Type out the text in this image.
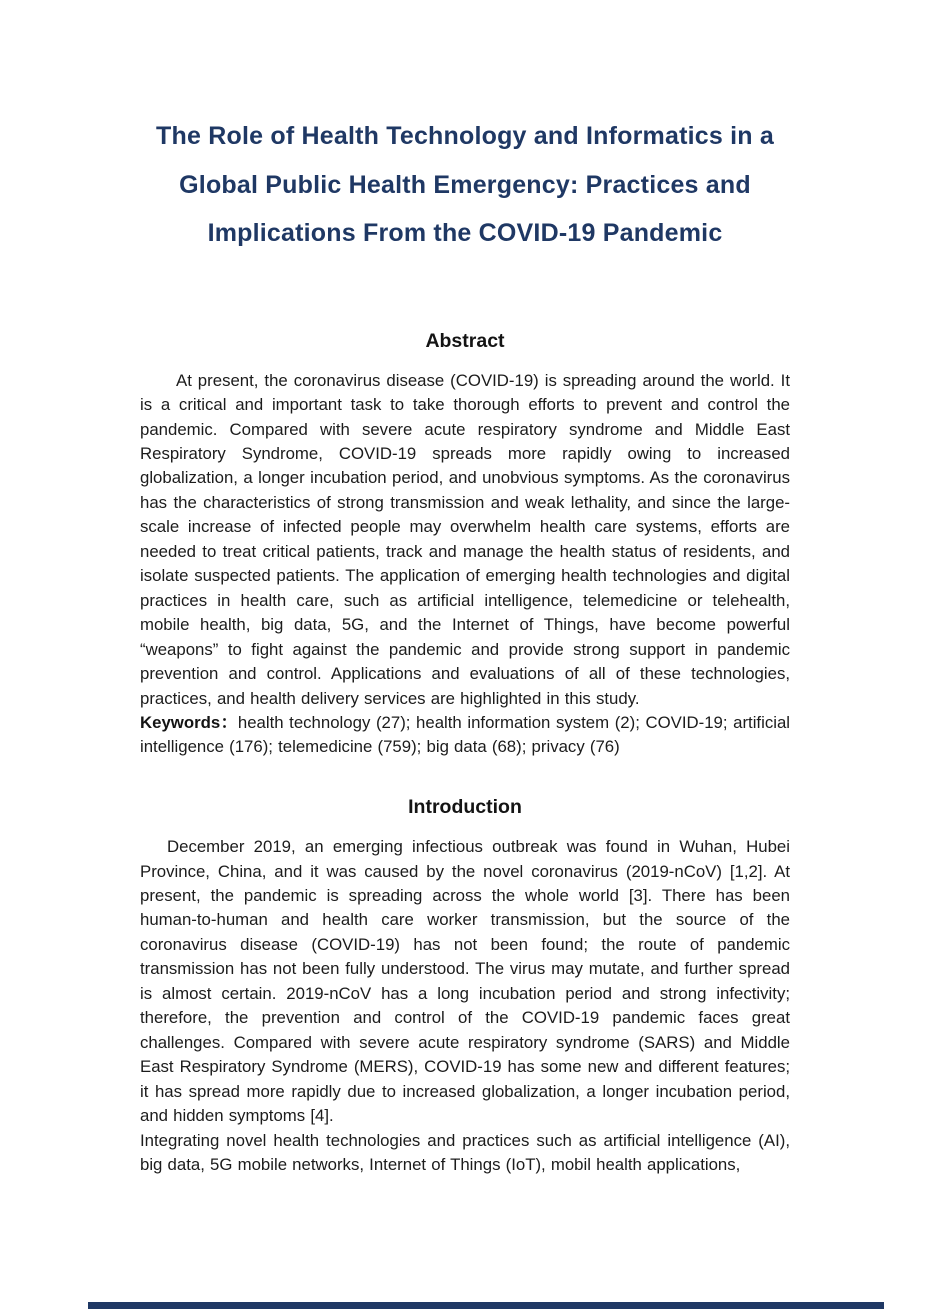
The Role of Health Technology and Informatics in a
Global Public Health Emergency: Practices and
Implications From the COVID-19 Pandemic
Abstract

At present, the coronavirus disease (COVID-19) is spreading around the world. It is a critical and important task to take thorough efforts to prevent and control the pandemic. Compared with severe acute respiratory syndrome and Middle East Respiratory Syndrome, COVID-19 spreads more rapidly owing to increased globalization, a longer incubation period, and unobvious symptoms. As the coronavirus has the characteristics of strong transmission and weak lethality, and since the large-scale increase of infected people may overwhelm health care systems, efforts are needed to treat critical patients, track and manage the health status of residents, and isolate suspected patients. The application of emerging health technologies and digital practices in health care, such as artificial intelligence, telemedicine or telehealth, mobile health, big data, 5G, and the Internet of Things, have become powerful “weapons” to fight against the pandemic and provide strong support in pandemic prevention and control. Applications and evaluations of all of these technologies, practices, and health delivery services are highlighted in this study.

Keywords：health technology (27); health information system (2); COVID-19; artificial intelligence (176); telemedicine (759); big data (68); privacy (76)

Introduction

December 2019, an emerging infectious outbreak was found in Wuhan, Hubei Province, China, and it was caused by the novel coronavirus (2019-nCoV) [1,2]. At present, the pandemic is spreading across the whole world [3]. There has been human-to-human and health care worker transmission, but the source of the coronavirus disease (COVID-19) has not been found; the route of pandemic transmission has not been fully understood. The virus may mutate, and further spread is almost certain. 2019-nCoV has a long incubation period and strong infectivity; therefore, the prevention and control of the COVID-19 pandemic faces great challenges. Compared with severe acute respiratory syndrome (SARS) and Middle East Respiratory Syndrome (MERS), COVID-19 has some new and different features; it has spread more rapidly due to increased globalization, a longer incubation period, and hidden symptoms [4].

Integrating novel health technologies and practices such as artificial intelligence (AI), big data, 5G mobile networks, Internet of Things (IoT), mobil health applications,
